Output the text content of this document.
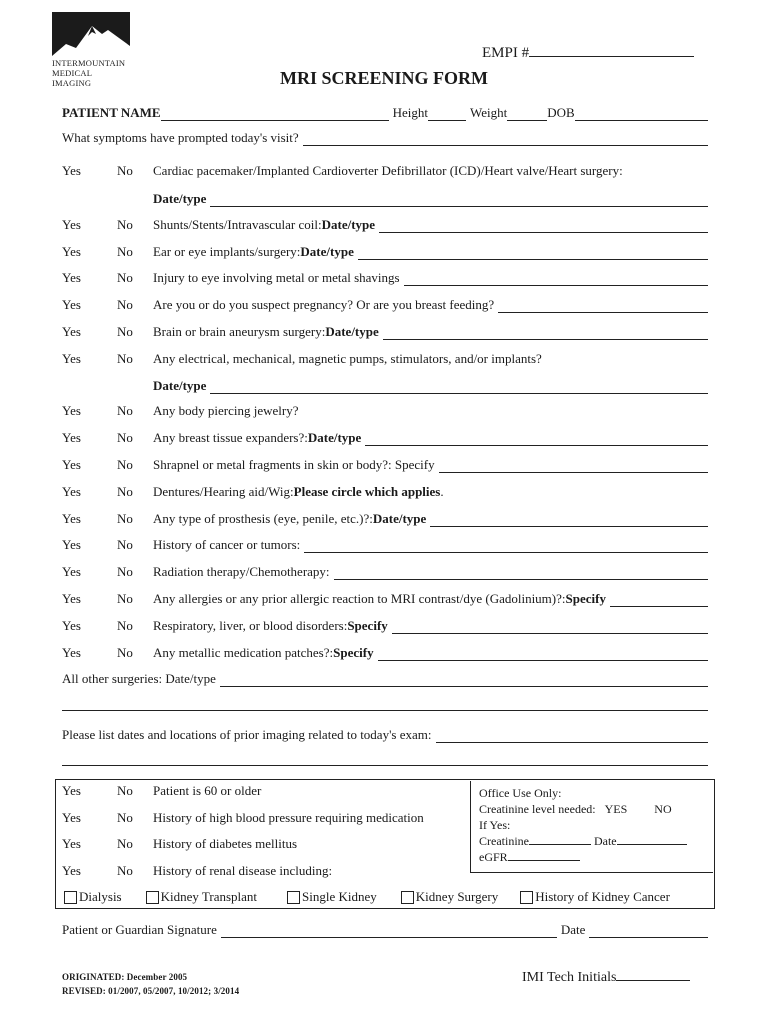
INTERMOUNTAIN
MEDICAL IMAGING
EMPI #
MRI SCREENING FORM
PATIENT NAME	Height	Weight	DOB
What symptoms have prompted today's visit?
Yes	No	Cardiac pacemaker/Implanted Cardioverter Defibrillator (ICD)/Heart valve/Heart surgery:
Date/type
Yes	No	Shunts/Stents/Intravascular coil: Date/type
Yes	No	Ear or eye implants/surgery: Date/type
Yes	No	Injury to eye involving metal or metal shavings
Yes	No	Are you or do you suspect pregnancy? Or are you breast feeding?
Yes	No	Brain or brain aneurysm surgery: Date/type
Yes	No	Any electrical, mechanical, magnetic pumps, stimulators, and/or implants?
Date/type
Yes	No	Any body piercing jewelry?
Yes	No	Any breast tissue expanders?: Date/type
Yes	No	Shrapnel or metal fragments in skin or body?: Specify
Yes	No	Dentures/Hearing aid/Wig: Please circle which applies .
Yes	No	Any type of prosthesis (eye, penile, etc.)?: Date/type
Yes	No	History of cancer or tumors:
Yes	No	Radiation therapy/Chemotherapy:
Yes	No	Any allergies or any prior allergic reaction to MRI contrast/dye (Gadolinium)?: Specify
Yes	No	Respiratory, liver, or blood disorders: Specify
Yes	No	Any metallic medication patches?: Specify
All other surgeries: Date/type
Please list dates and locations of prior imaging related to today's exam:
Yes	No	Patient is 60 or older
Yes	No	History of high blood pressure requiring medication
Yes	No	History of diabetes mellitus
Yes	No	History of renal disease including:
Office Use Only:
Creatinine level needed: YES NO
If Yes:
Creatinine	Date
eGFR
Dialysis	Kidney Transplant	Single Kidney	Kidney Surgery	History of Kidney Cancer
Patient or Guardian Signature	Date
ORIGINATED: December 2005
REVISED: 01/2007, 05/2007, 10/2012; 3/2014
IMI Tech Initials
